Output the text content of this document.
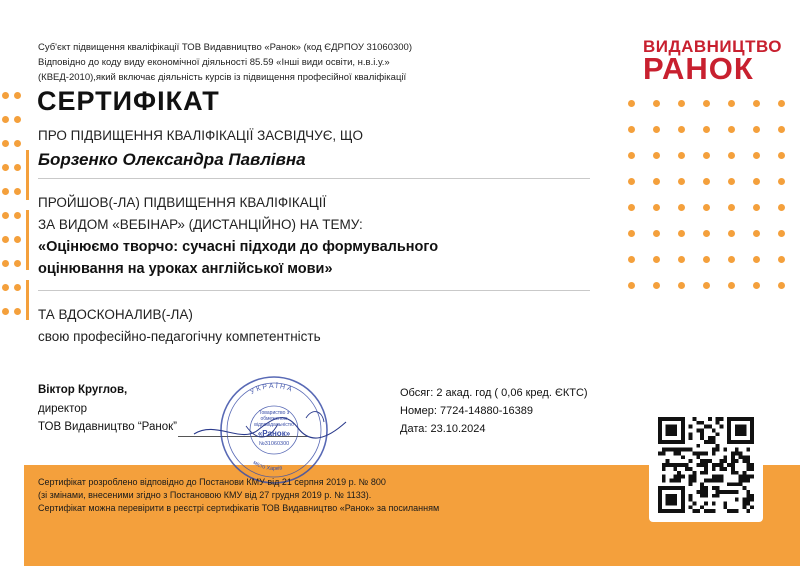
ВИДАВНИЦТВО
РАНОК
Суб'єкт підвищення кваліфікації ТОВ Видавництво «Ранок» (код ЄДРПОУ 31060300)
Відповідно до коду виду економічної діяльності 85.59 «Інші види освіти, н.в.і.у.»
(КВЕД-2010),який включає діяльність курсів із підвищення професійної кваліфікації
СЕРТИФІКАТ
ПРО ПІДВИЩЕННЯ КВАЛІФІКАЦІЇ ЗАСВІДЧУЄ, ЩО
Борзенко Олександра Павлівна
ПРОЙШОВ(-ЛА) ПІДВИЩЕННЯ КВАЛІФІКАЦІЇ
ЗА ВИДОМ «ВЕБІНАР» (ДИСТАНЦІЙНО) НА ТЕМУ:
«Оцінюємо творчо: сучасні підходи до формувального
оцінювання на уроках англійської мови»
ТА ВДОСКОНАЛИВ(-ЛА)
свою професійно-педагогічну компетентність
Віктор Круглов,
директор
ТОВ Видавництво “Ранок”
УКРАЇНА
Товариство з
обмеженою
відповідальністю
«Ранок»
№31060300
місто Харків
Обсяг: 2 акад. год ( 0,06 кред. ЄКТС)
Номер: 7724-14880-16389
Дата: 23.10.2024
Сертифікат розроблено відповідно до Постанови КМУ від 21 серпня 2019 р. № 800
(зі змінами, внесеними згідно з Постановою КМУ від 27 грудня 2019 р. № 1133).
Сертифікат можна перевірити в реєстрі сертифікатів ТОВ Видавництво «Ранок» за посиланням
